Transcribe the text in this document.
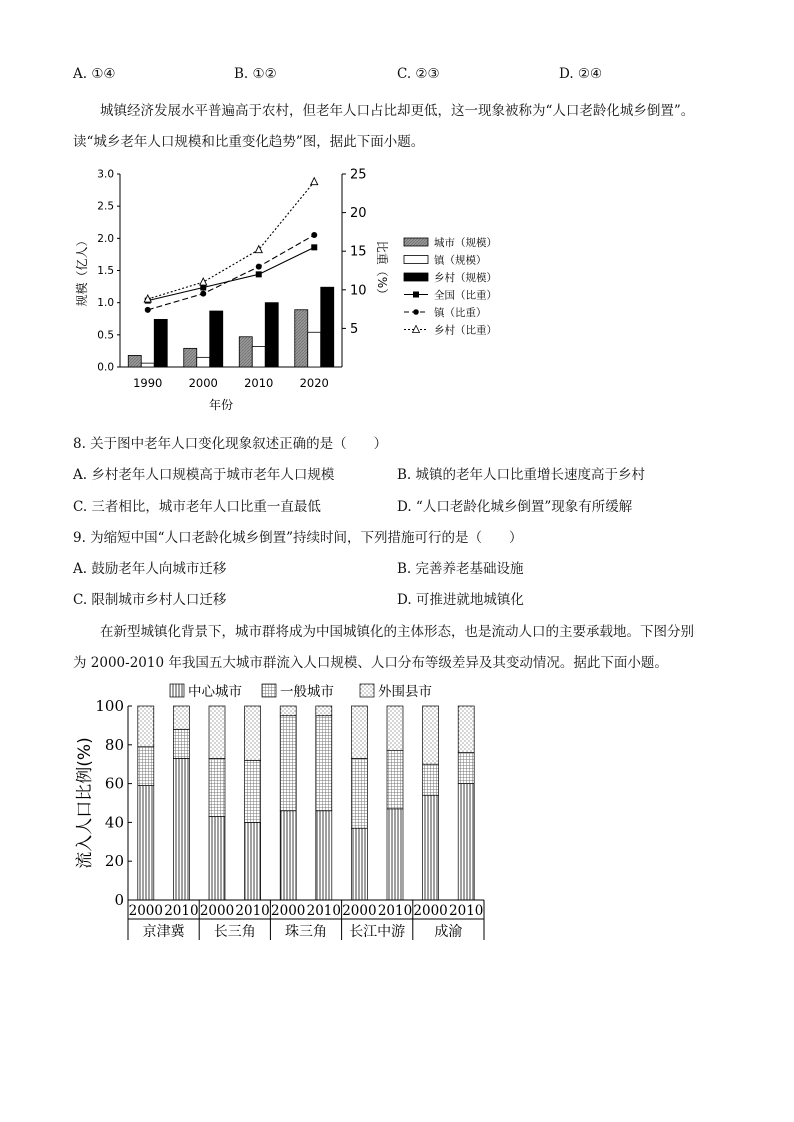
A. ①④	B. ①②	C. ②③	D. ②④
城镇经济发展水平普遍高于农村，但老年人口占比却更低，这一现象被称为“人口老龄化城乡倒置”。
读“城乡老年人口规模和比重变化趋势”图，据此下面小题。
0.0
0.5
1.0
1.5
2.0
2.5
3.0
5
10
15
20
25
规模（亿人）	比重（%）
年份
1990 2000 2010 2020
城市（规模）
镇（规模）
乡村（规模）
全国（比重）
镇（比重）
乡村（比重）
8. 关于图中老年人口变化现象叙述正确的是（　　）
A. 乡村老年人口规模高于城市老年人口规模	B. 城镇的老年人口比重增长速度高于乡村
C. 三者相比，城市老年人口比重一直最低	D. “人口老龄化城乡倒置”现象有所缓解
9. 为缩短中国“人口老龄化城乡倒置”持续时间，下列措施可行的是（　　）
A. 鼓励老年人向城市迁移	B. 完善养老基础设施
C. 限制城市乡村人口迁移	D. 可推进就地城镇化
在新型城镇化背景下，城市群将成为中国城镇化的主体形态，也是流动人口的主要承载地。下图分别
为 2000-2010 年我国五大城市群流入人口规模、人口分布等级差异及其变动情况。据此下面小题。
0
20
40
60
80
100
流入人口比例(%)
2000 2010 2000 2010 2000 2010 2000 2010 2000 2010
京津冀 长三角 珠三角 长江中游 成渝
中心城市	一般城市	外围县市
